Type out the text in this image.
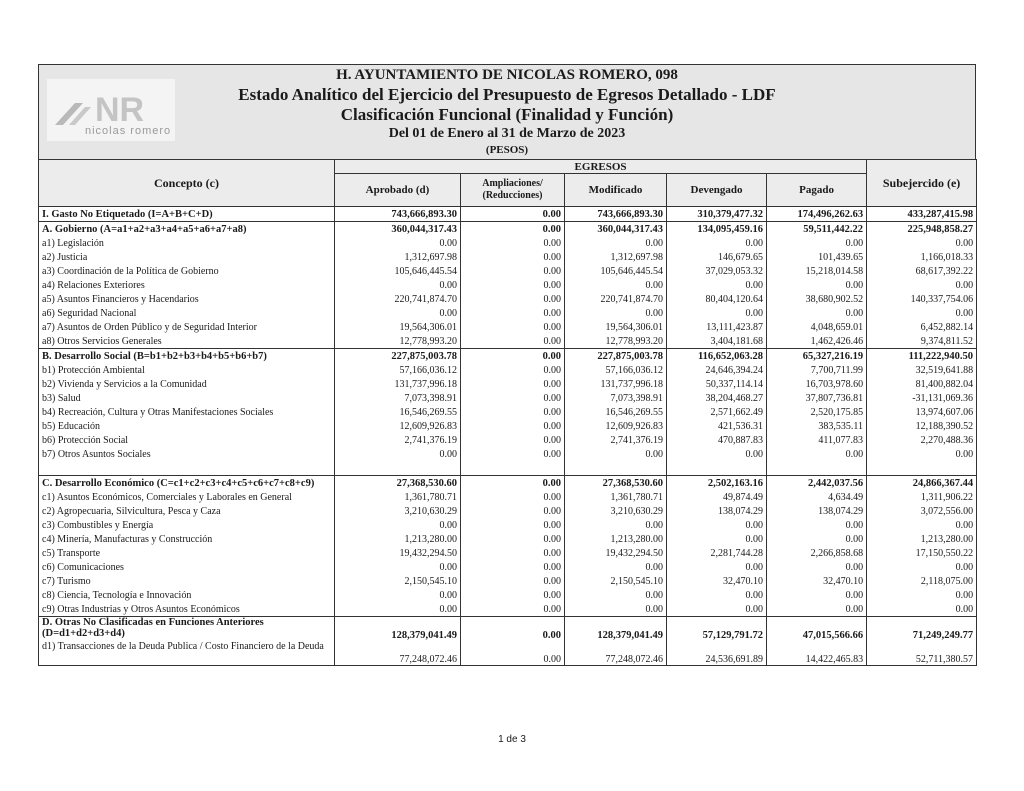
NR
nicolas romero
H. AYUNTAMIENTO DE NICOLAS ROMERO, 098
Estado Analítico del Ejercicio del Presupuesto de Egresos Detallado - LDF
Clasificación Funcional (Finalidad y Función)
Del 01 de Enero al 31 de Marzo de 2023
(PESOS)
Concepto (c)	EGRESOS					Subejercido (e)
	Aprobado (d)	Ampliaciones/ (Reducciones)	Modificado	Devengado	Pagado	
I. Gasto No Etiquetado (I=A+B+C+D)	743,666,893.30	0.00	743,666,893.30	310,379,477.32	174,496,262.63	433,287,415.98
A. Gobierno (A=a1+a2+a3+a4+a5+a6+a7+a8)	360,044,317.43	0.00	360,044,317.43	134,095,459.16	59,511,442.22	225,948,858.27
a1) Legislación	0.00	0.00	0.00	0.00	0.00	0.00
a2) Justicia	1,312,697.98	0.00	1,312,697.98	146,679.65	101,439.65	1,166,018.33
a3) Coordinación de la Política de Gobierno	105,646,445.54	0.00	105,646,445.54	37,029,053.32	15,218,014.58	68,617,392.22
a4) Relaciones Exteriores	0.00	0.00	0.00	0.00	0.00	0.00
a5) Asuntos Financieros y Hacendarios	220,741,874.70	0.00	220,741,874.70	80,404,120.64	38,680,902.52	140,337,754.06
a6) Seguridad Nacional	0.00	0.00	0.00	0.00	0.00	0.00
a7) Asuntos de Orden Público y de Seguridad Interior	19,564,306.01	0.00	19,564,306.01	13,111,423.87	4,048,659.01	6,452,882.14
a8) Otros Servicios Generales	12,778,993.20	0.00	12,778,993.20	3,404,181.68	1,462,426.46	9,374,811.52
B. Desarrollo Social (B=b1+b2+b3+b4+b5+b6+b7)	227,875,003.78	0.00	227,875,003.78	116,652,063.28	65,327,216.19	111,222,940.50
b1) Protección Ambiental	57,166,036.12	0.00	57,166,036.12	24,646,394.24	7,700,711.99	32,519,641.88
b2) Vivienda y Servicios a la Comunidad	131,737,996.18	0.00	131,737,996.18	50,337,114.14	16,703,978.60	81,400,882.04
b3) Salud	7,073,398.91	0.00	7,073,398.91	38,204,468.27	37,807,736.81	-31,131,069.36
b4) Recreación, Cultura y Otras Manifestaciones Sociales	16,546,269.55	0.00	16,546,269.55	2,571,662.49	2,520,175.85	13,974,607.06
b5) Educación	12,609,926.83	0.00	12,609,926.83	421,536.31	383,535.11	12,188,390.52
b6) Protección Social	2,741,376.19	0.00	2,741,376.19	470,887.83	411,077.83	2,270,488.36
b7) Otros Asuntos Sociales	0.00	0.00	0.00	0.00	0.00	0.00

C. Desarrollo Económico (C=c1+c2+c3+c4+c5+c6+c7+c8+c9)	27,368,530.60	0.00	27,368,530.60	2,502,163.16	2,442,037.56	24,866,367.44
c1) Asuntos Económicos, Comerciales y Laborales en General	1,361,780.71	0.00	1,361,780.71	49,874.49	4,634.49	1,311,906.22
c2) Agropecuaria, Silvicultura, Pesca y Caza	3,210,630.29	0.00	3,210,630.29	138,074.29	138,074.29	3,072,556.00
c3) Combustibles y Energía	0.00	0.00	0.00	0.00	0.00	0.00
c4) Minería, Manufacturas y Construcción	1,213,280.00	0.00	1,213,280.00	0.00	0.00	1,213,280.00
c5) Transporte	19,432,294.50	0.00	19,432,294.50	2,281,744.28	2,266,858.68	17,150,550.22
c6) Comunicaciones	0.00	0.00	0.00	0.00	0.00	0.00
c7) Turismo	2,150,545.10	0.00	2,150,545.10	32,470.10	32,470.10	2,118,075.00
c8) Ciencia, Tecnología e Innovación	0.00	0.00	0.00	0.00	0.00	0.00
c9) Otras Industrias y Otros Asuntos Económicos	0.00	0.00	0.00	0.00	0.00	0.00
D. Otras No Clasificadas en Funciones Anteriores (D=d1+d2+d3+d4)	128,379,041.49	0.00	128,379,041.49	57,129,791.72	47,015,566.66	71,249,249.77
d1) Transacciones de la Deuda Publica / Costo Financiero de la Deuda	77,248,072.46	0.00	77,248,072.46	24,536,691.89	14,422,465.83	52,711,380.57
1 de 3
